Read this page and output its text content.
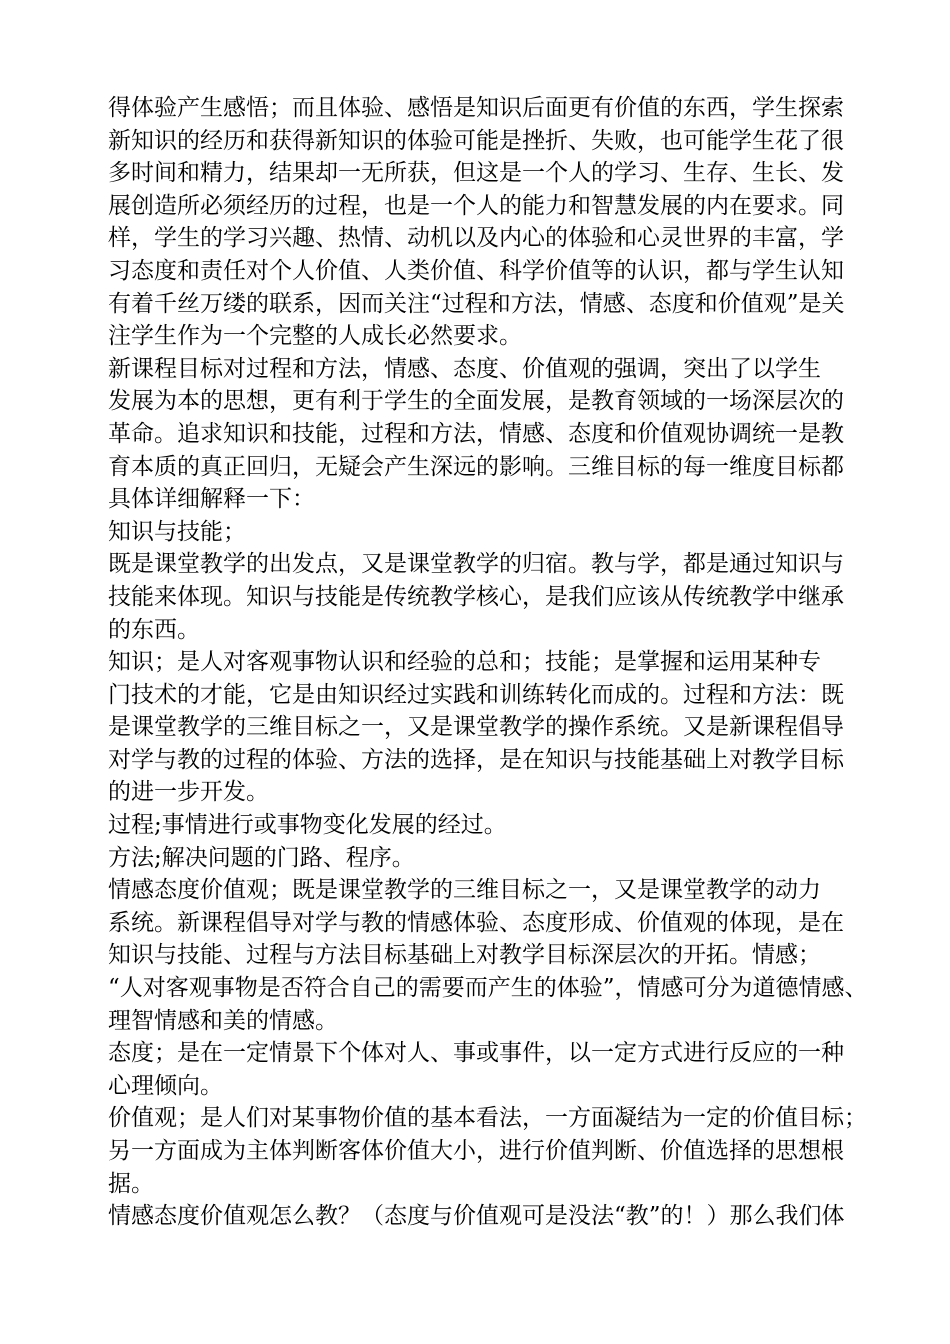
得体验产生感悟；而且体验、感悟是知识后面更有价值的东西，学生探索
新知识的经历和获得新知识的体验可能是挫折、失败，也可能学生花了很
多时间和精力，结果却一无所获，但这是一个人的学习、生存、生长、发
展创造所必须经历的过程，也是一个人的能力和智慧发展的内在要求。同
样，学生的学习兴趣、热情、动机以及内心的体验和心灵世界的丰富，学
习态度和责任对个人价值、人类价值、科学价值等的认识，都与学生认知
有着千丝万缕的联系，因而关注“过程和方法，情感、态度和价值观”是关
注学生作为一个完整的人成长必然要求。
新课程目标对过程和方法，情感、态度、价值观的强调，突出了以学生
发展为本的思想，更有利于学生的全面发展，是教育领域的一场深层次的
革命。追求知识和技能，过程和方法，情感、态度和价值观协调统一是教
育本质的真正回归，无疑会产生深远的影响。三维目标的每一维度目标都
具体详细解释一下：
知识与技能；
既是课堂教学的出发点，又是课堂教学的归宿。教与学，都是通过知识与
技能来体现。知识与技能是传统教学核心，是我们应该从传统教学中继承
的东西。
知识；是人对客观事物认识和经验的总和；技能；是掌握和运用某种专
门技术的才能，它是由知识经过实践和训练转化而成的。过程和方法：既
是课堂教学的三维目标之一，又是课堂教学的操作系统。又是新课程倡导
对学与教的过程的体验、方法的选择，是在知识与技能基础上对教学目标
的进一步开发。
过程;事情进行或事物变化发展的经过。
方法;解决问题的门路、程序。
情感态度价值观；既是课堂教学的三维目标之一，又是课堂教学的动力
系统。新课程倡导对学与教的情感体验、态度形成、价值观的体现，是在
知识与技能、过程与方法目标基础上对教学目标深层次的开拓。情感；
“人对客观事物是否符合自己的需要而产生的体验”，情感可分为道德情感、
理智情感和美的情感。
态度；是在一定情景下个体对人、事或事件，以一定方式进行反应的一种
心理倾向。
价值观；是人们对某事物价值的基本看法，一方面凝结为一定的价值目标；
另一方面成为主体判断客体价值大小，进行价值判断、价值选择的思想根
据。
情感态度价值观怎么教？（态度与价值观可是没法“教”的！）那么我们体
